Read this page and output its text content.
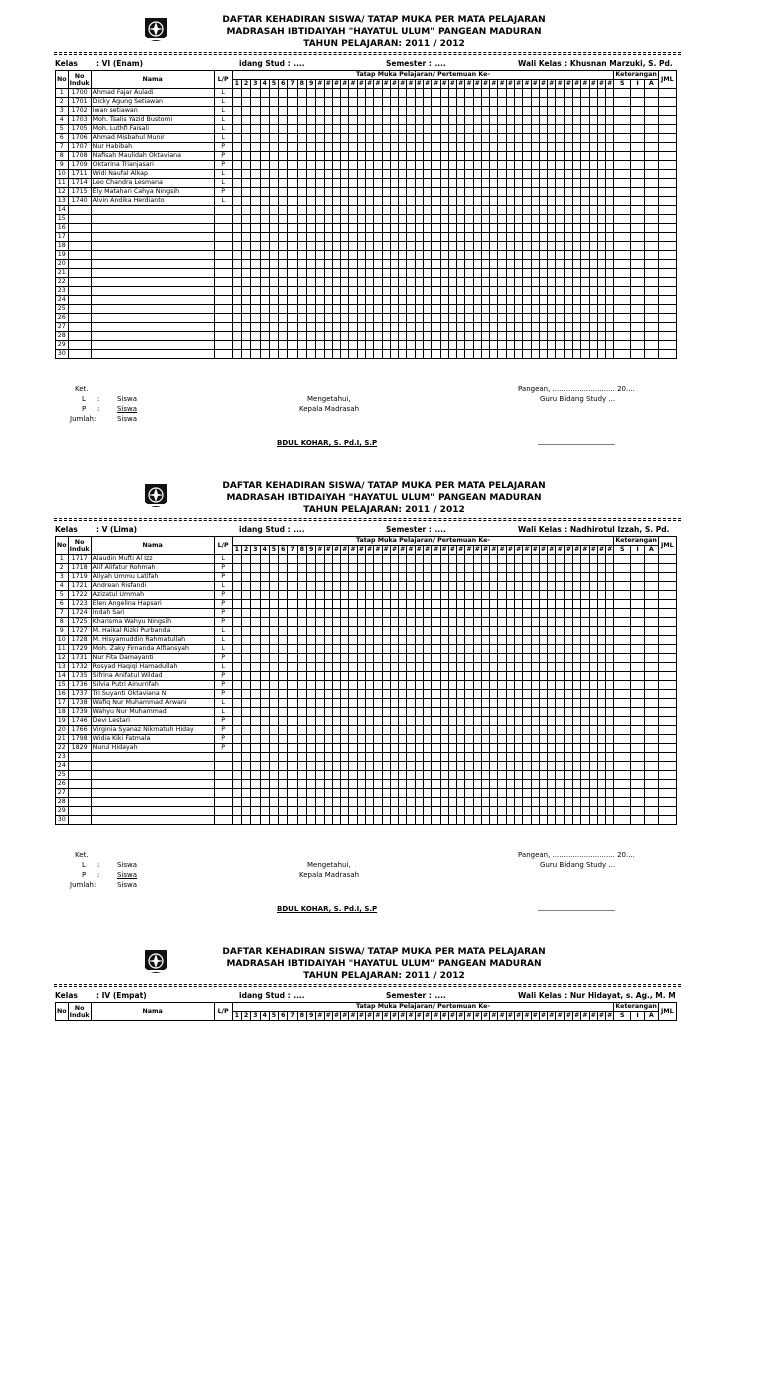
DAFTAR KEHADIRAN SISWA/ TATAP MUKA PER MATA PELAJARAN
MADRASAH IBTIDAIYAH "HAYATUL ULUM" PANGEAN MADURAN
TAHUN PELAJARAN: 2011 / 2012
Kelas : VI (Enam)	idang Stud : ....	Semester : ....	Wali Kelas : Khusnan Marzuki, S. Pd.
No	No Induk	Nama	L/P	Tatap Muka Pelajaran/ Pertemuan Ke-																																													Keterangan			JML
				1	2	3	4	5	6	7	8	9	#	#	#	#	#	#	#	#	#	#	#	#	#	#	#	#	#	#	#	#	#	#	#	#	#	#	#	#	#	#	#	#	#	#	#	#	S	I	A	
1	1700	Ahmad Fajar Auladi	L																																																	
2	1701	Dicky Agung Setiawan	L																																																	
3	1702	Iwan setiawan	L																																																	
4	1703	Moh. Tsalis Yazid Bustomi	L																																																	
5	1705	Moh. Luthfi Faisali	L																																																	
6	1706	Ahmad Misbahul Munir	L																																																	
7	1707	Nur Habibah	P																																																	
8	1708	Nafisah Maulidah Oktaviana	P																																																	
9	1709	Oktarina Trianjasari	P																																																	
10	1711	Widi Naufal Alkap	L																																																	
11	1714	Leo Chandra Lesmana	L																																																	
12	1715	Ely Matahari Cahya Ningsih	P																																																	
13	1740	Alvin Andika Herdianto	L																																																	
14																																																				
15																																																				
16																																																				
17																																																				
18																																																				
19																																																				
20																																																				
21																																																				
22																																																				
23																																																				
24																																																				
25																																																				
26																																																				
27																																																				
28																																																				
29																																																				
30																																																				
Ket.
L :	Siswa
P :	Siswa
Jumlah:	Siswa
Mengetahui,
Kepala Madrasah
Pangean, ............................ 20....
Guru Bidang Study ...
BDUL KOHAR, S. Pd.I, S.P	______________________
DAFTAR KEHADIRAN SISWA/ TATAP MUKA PER MATA PELAJARAN
MADRASAH IBTIDAIYAH "HAYATUL ULUM" PANGEAN MADURAN
TAHUN PELAJARAN: 2011 / 2012
Kelas : V (Lima)	idang Stud : ....	Semester : ....	Wali Kelas : Nadhirotul Izzah, S. Pd.
No	No Induk	Nama	L/P	Tatap Muka Pelajaran/ Pertemuan Ke-																																													Keterangan			JML
				1	2	3	4	5	6	7	8	9	#	#	#	#	#	#	#	#	#	#	#	#	#	#	#	#	#	#	#	#	#	#	#	#	#	#	#	#	#	#	#	#	#	#	#	#	S	I	A	
1	1717	Alaudin Mufti Al Izz	L																																																	
2	1718	Alif Alifatur Rohmah	P																																																	
3	1719	Aliyah Ummu Latifah	P																																																	
4	1721	Andrean Risfandi	L																																																	
5	1722	Azizatul Ummah	P																																																	
6	1723	Elen Angelina Hapsari	P																																																	
7	1724	Indah Sari	P																																																	
8	1725	Kharisma Wahyu Ningsih	P																																																	
9	1727	M. Haikal Rizki Purbanda	L																																																	
10	1728	M. Hisyamuddin Rahmatullah	L																																																	
11	1729	Moh. Zaky Firnanda Alfiansyah	L																																																	
12	1731	Nur Fita Damayanti	P																																																	
13	1732	Rosyad Haqiqi Hamadullah	L																																																	
14	1735	Sifrina Anifatul Wildad	P																																																	
15	1736	Silvia Putri Ainurrifah	P																																																	
16	1737	Tri Suyanti Oktaviana N	P																																																	
17	1738	Wafiq Nur Muhammad Arwani	L																																																	
18	1739	Wahyu Nur Muhammad	L																																																	
19	1746	Devi Lestari	P																																																	
20	1766	Virginia Syanaz Nikmatuh Hiday	P																																																	
21	1798	Widia Kiki Fatmala	P																																																	
22	1829	Nurul Hidayah	P																																																	
23																																																				
24																																																				
25																																																				
26																																																				
27																																																				
28																																																				
29																																																				
30																																																				
Ket.
L :	Siswa
P :	Siswa
Jumlah:	Siswa
Mengetahui,
Kepala Madrasah
Pangean, ............................ 20....
Guru Bidang Study ...
BDUL KOHAR, S. Pd.I, S.P	______________________
DAFTAR KEHADIRAN SISWA/ TATAP MUKA PER MATA PELAJARAN
MADRASAH IBTIDAIYAH "HAYATUL ULUM" PANGEAN MADURAN
TAHUN PELAJARAN: 2011 / 2012
Kelas : IV (Empat)	idang Stud : ....	Semester : ....	Wali Kelas : Nur Hidayat, s. Ag., M. M
No	No Induk	Nama	L/P	Tatap Muka Pelajaran/ Pertemuan Ke-																																													Keterangan			JML
				1	2	3	4	5	6	7	8	9	#	#	#	#	#	#	#	#	#	#	#	#	#	#	#	#	#	#	#	#	#	#	#	#	#	#	#	#	#	#	#	#	#	#	#	#	S	I	A	
